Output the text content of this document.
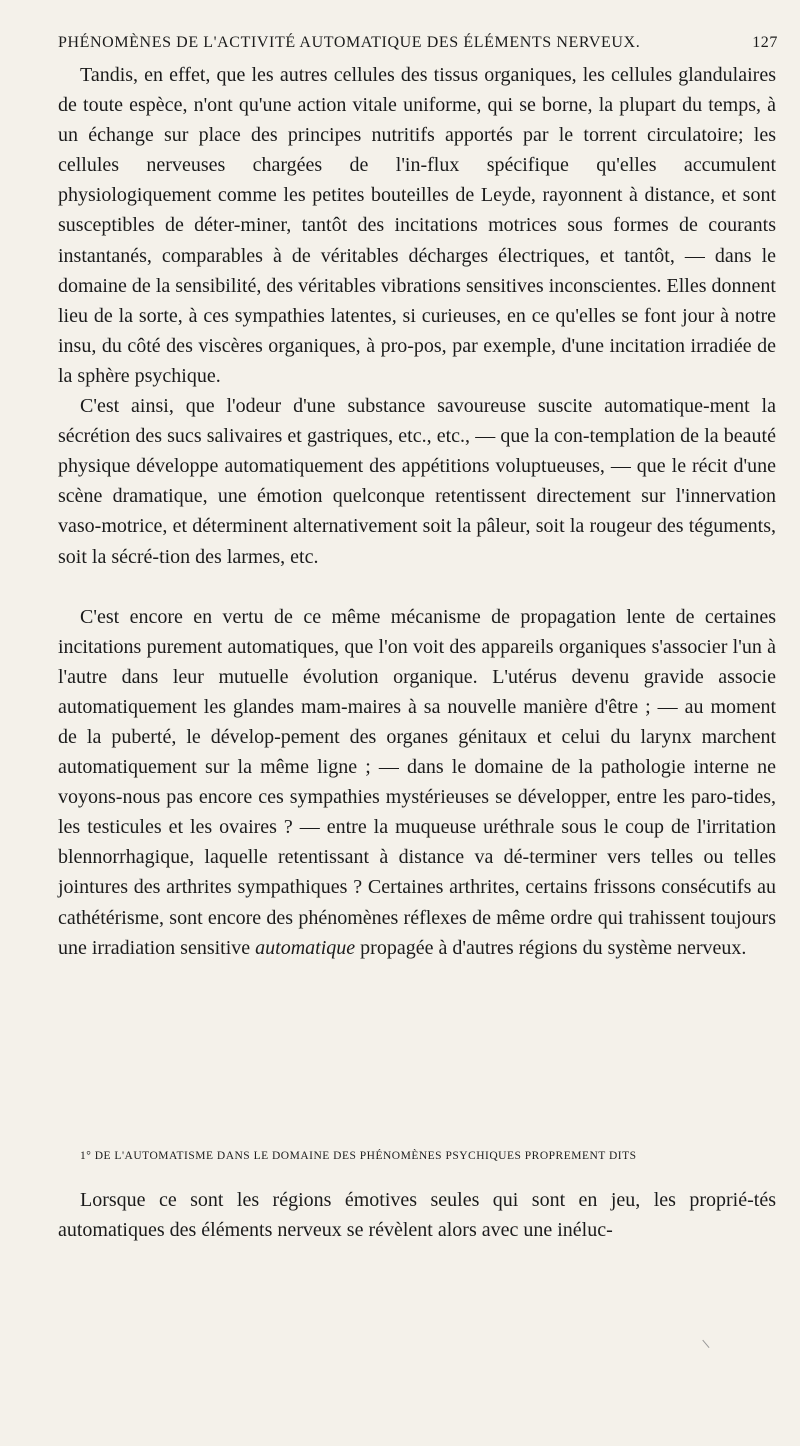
PHÉNOMÈNES DE L'ACTIVITÉ AUTOMATIQUE DES ÉLÉMENTS NERVEUX.	127

Tandis, en effet, que les autres cellules des tissus organiques, les cellules glandulaires de toute espèce, n'ont qu'une action vitale uniforme, qui se borne, la plupart du temps, à un échange sur place des principes nutritifs apportés par le torrent circulatoire; les cellules nerveuses chargées de l'in-flux spécifique qu'elles accumulent physiologiquement comme les petites bouteilles de Leyde, rayonnent à distance, et sont susceptibles de déter-miner, tantôt des incitations motrices sous formes de courants instantanés, comparables à de véritables décharges électriques, et tantôt, — dans le domaine de la sensibilité, des véritables vibrations sensitives inconscientes. Elles donnent lieu de la sorte, à ces sympathies latentes, si curieuses, en ce qu'elles se font jour à notre insu, du côté des viscères organiques, à pro-pos, par exemple, d'une incitation irradiée de la sphère psychique.

C'est ainsi, que l'odeur d'une substance savoureuse suscite automatique-ment la sécrétion des sucs salivaires et gastriques, etc., etc., — que la con-templation de la beauté physique développe automatiquement des appétitions voluptueuses, — que le récit d'une scène dramatique, une émotion quelconque retentissent directement sur l'innervation vaso-motrice, et déterminent alternativement soit la pâleur, soit la rougeur des téguments, soit la sécré-tion des larmes, etc.

C'est encore en vertu de ce même mécanisme de propagation lente de certaines incitations purement automatiques, que l'on voit des appareils organiques s'associer l'un à l'autre dans leur mutuelle évolution organique. L'utérus devenu gravide associe automatiquement les glandes mam-maires à sa nouvelle manière d'être ; — au moment de la puberté, le dévelop-pement des organes génitaux et celui du larynx marchent automatiquement sur la même ligne ; — dans le domaine de la pathologie interne ne voyons-nous pas encore ces sympathies mystérieuses se développer, entre les paro-tides, les testicules et les ovaires ? — entre la muqueuse uréthrale sous le coup de l'irritation blennorrhagique, laquelle retentissant à distance va dé-terminer vers telles ou telles jointures des arthrites sympathiques ? Certaines arthrites, certains frissons consécutifs au cathétérisme, sont encore des phénomènes réflexes de même ordre qui trahissent toujours une irradiation sensitive automatique propagée à d'autres régions du système nerveux.

1° DE L'AUTOMATISME DANS LE DOMAINE DES PHÉNOMÈNES PSYCHIQUES PROPREMENT DITS

Lorsque ce sont les régions émotives seules qui sont en jeu, les proprié-tés automatiques des éléments nerveux se révèlent alors avec une inéluc-
